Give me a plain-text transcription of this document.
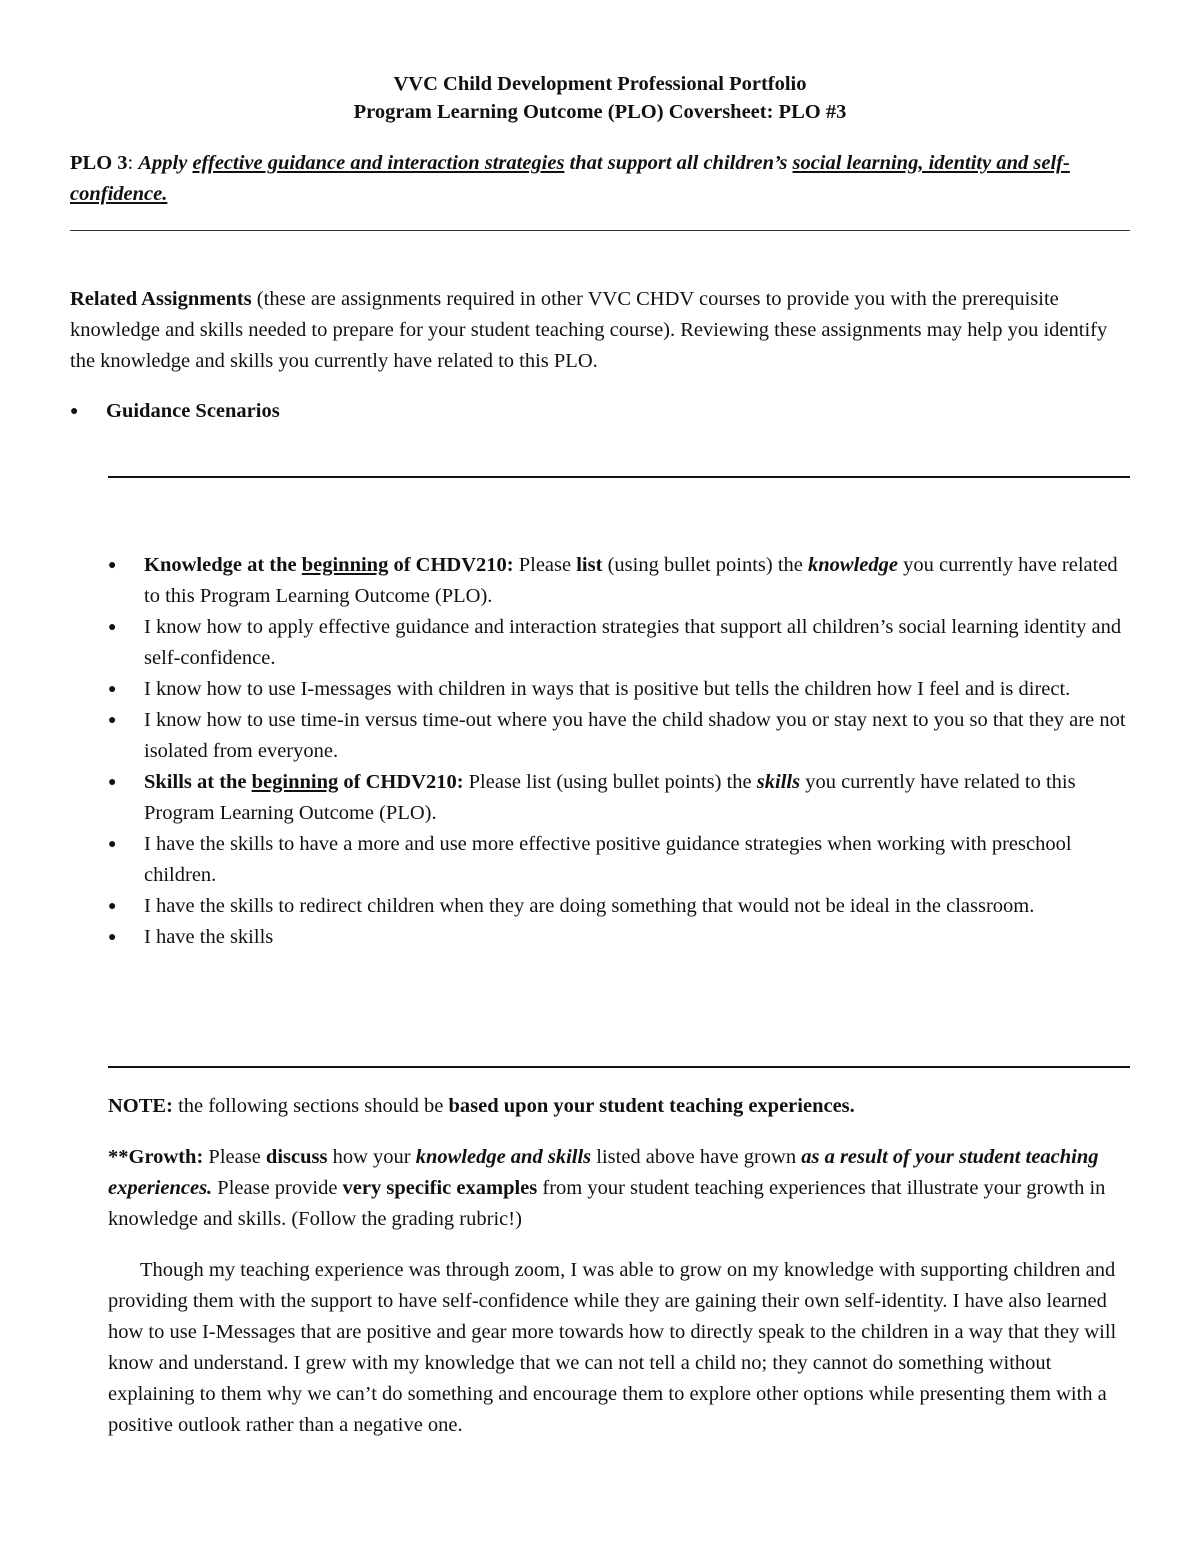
VVC Child Development Professional Portfolio
Program Learning Outcome (PLO) Coversheet: PLO #3
PLO 3: Apply effective guidance and interaction strategies that support all children’s social learning, identity and self-confidence.
Related Assignments (these are assignments required in other VVC CHDV courses to provide you with the prerequisite knowledge and skills needed to prepare for your student teaching course). Reviewing these assignments may help you identify the knowledge and skills you currently have related to this PLO.
● Guidance Scenarios
● Knowledge at the beginning of CHDV210: Please list (using bullet points) the knowledge you currently have related to this Program Learning Outcome (PLO).
● I know how to apply effective guidance and interaction strategies that support all children’s social learning identity and self-confidence.
● I know how to use I-messages with children in ways that is positive but tells the children how I feel and is direct.
● I know how to use time-in versus time-out where you have the child shadow you or stay next to you so that they are not isolated from everyone.
● Skills at the beginning of CHDV210: Please list (using bullet points) the skills you currently have related to this Program Learning Outcome (PLO).
● I have the skills to have a more and use more effective positive guidance strategies when working with preschool children.
● I have the skills to redirect children when they are doing something that would not be ideal in the classroom.
● I have the skills

NOTE: the following sections should be based upon your student teaching experiences.

**Growth: Please discuss how your knowledge and skills listed above have grown as a result of your student teaching experiences. Please provide very specific examples from your student teaching experiences that illustrate your growth in knowledge and skills. (Follow the grading rubric!)

Though my teaching experience was through zoom, I was able to grow on my knowledge with supporting children and providing them with the support to have self-confidence while they are gaining their own self-identity. I have also learned how to use I-Messages that are positive and gear more towards how to directly speak to the children in a way that they will know and understand. I grew with my knowledge that we can not tell a child no; they cannot do something without explaining to them why we can’t do something and encourage them to explore other options while presenting them with a positive outlook rather than a negative one.
